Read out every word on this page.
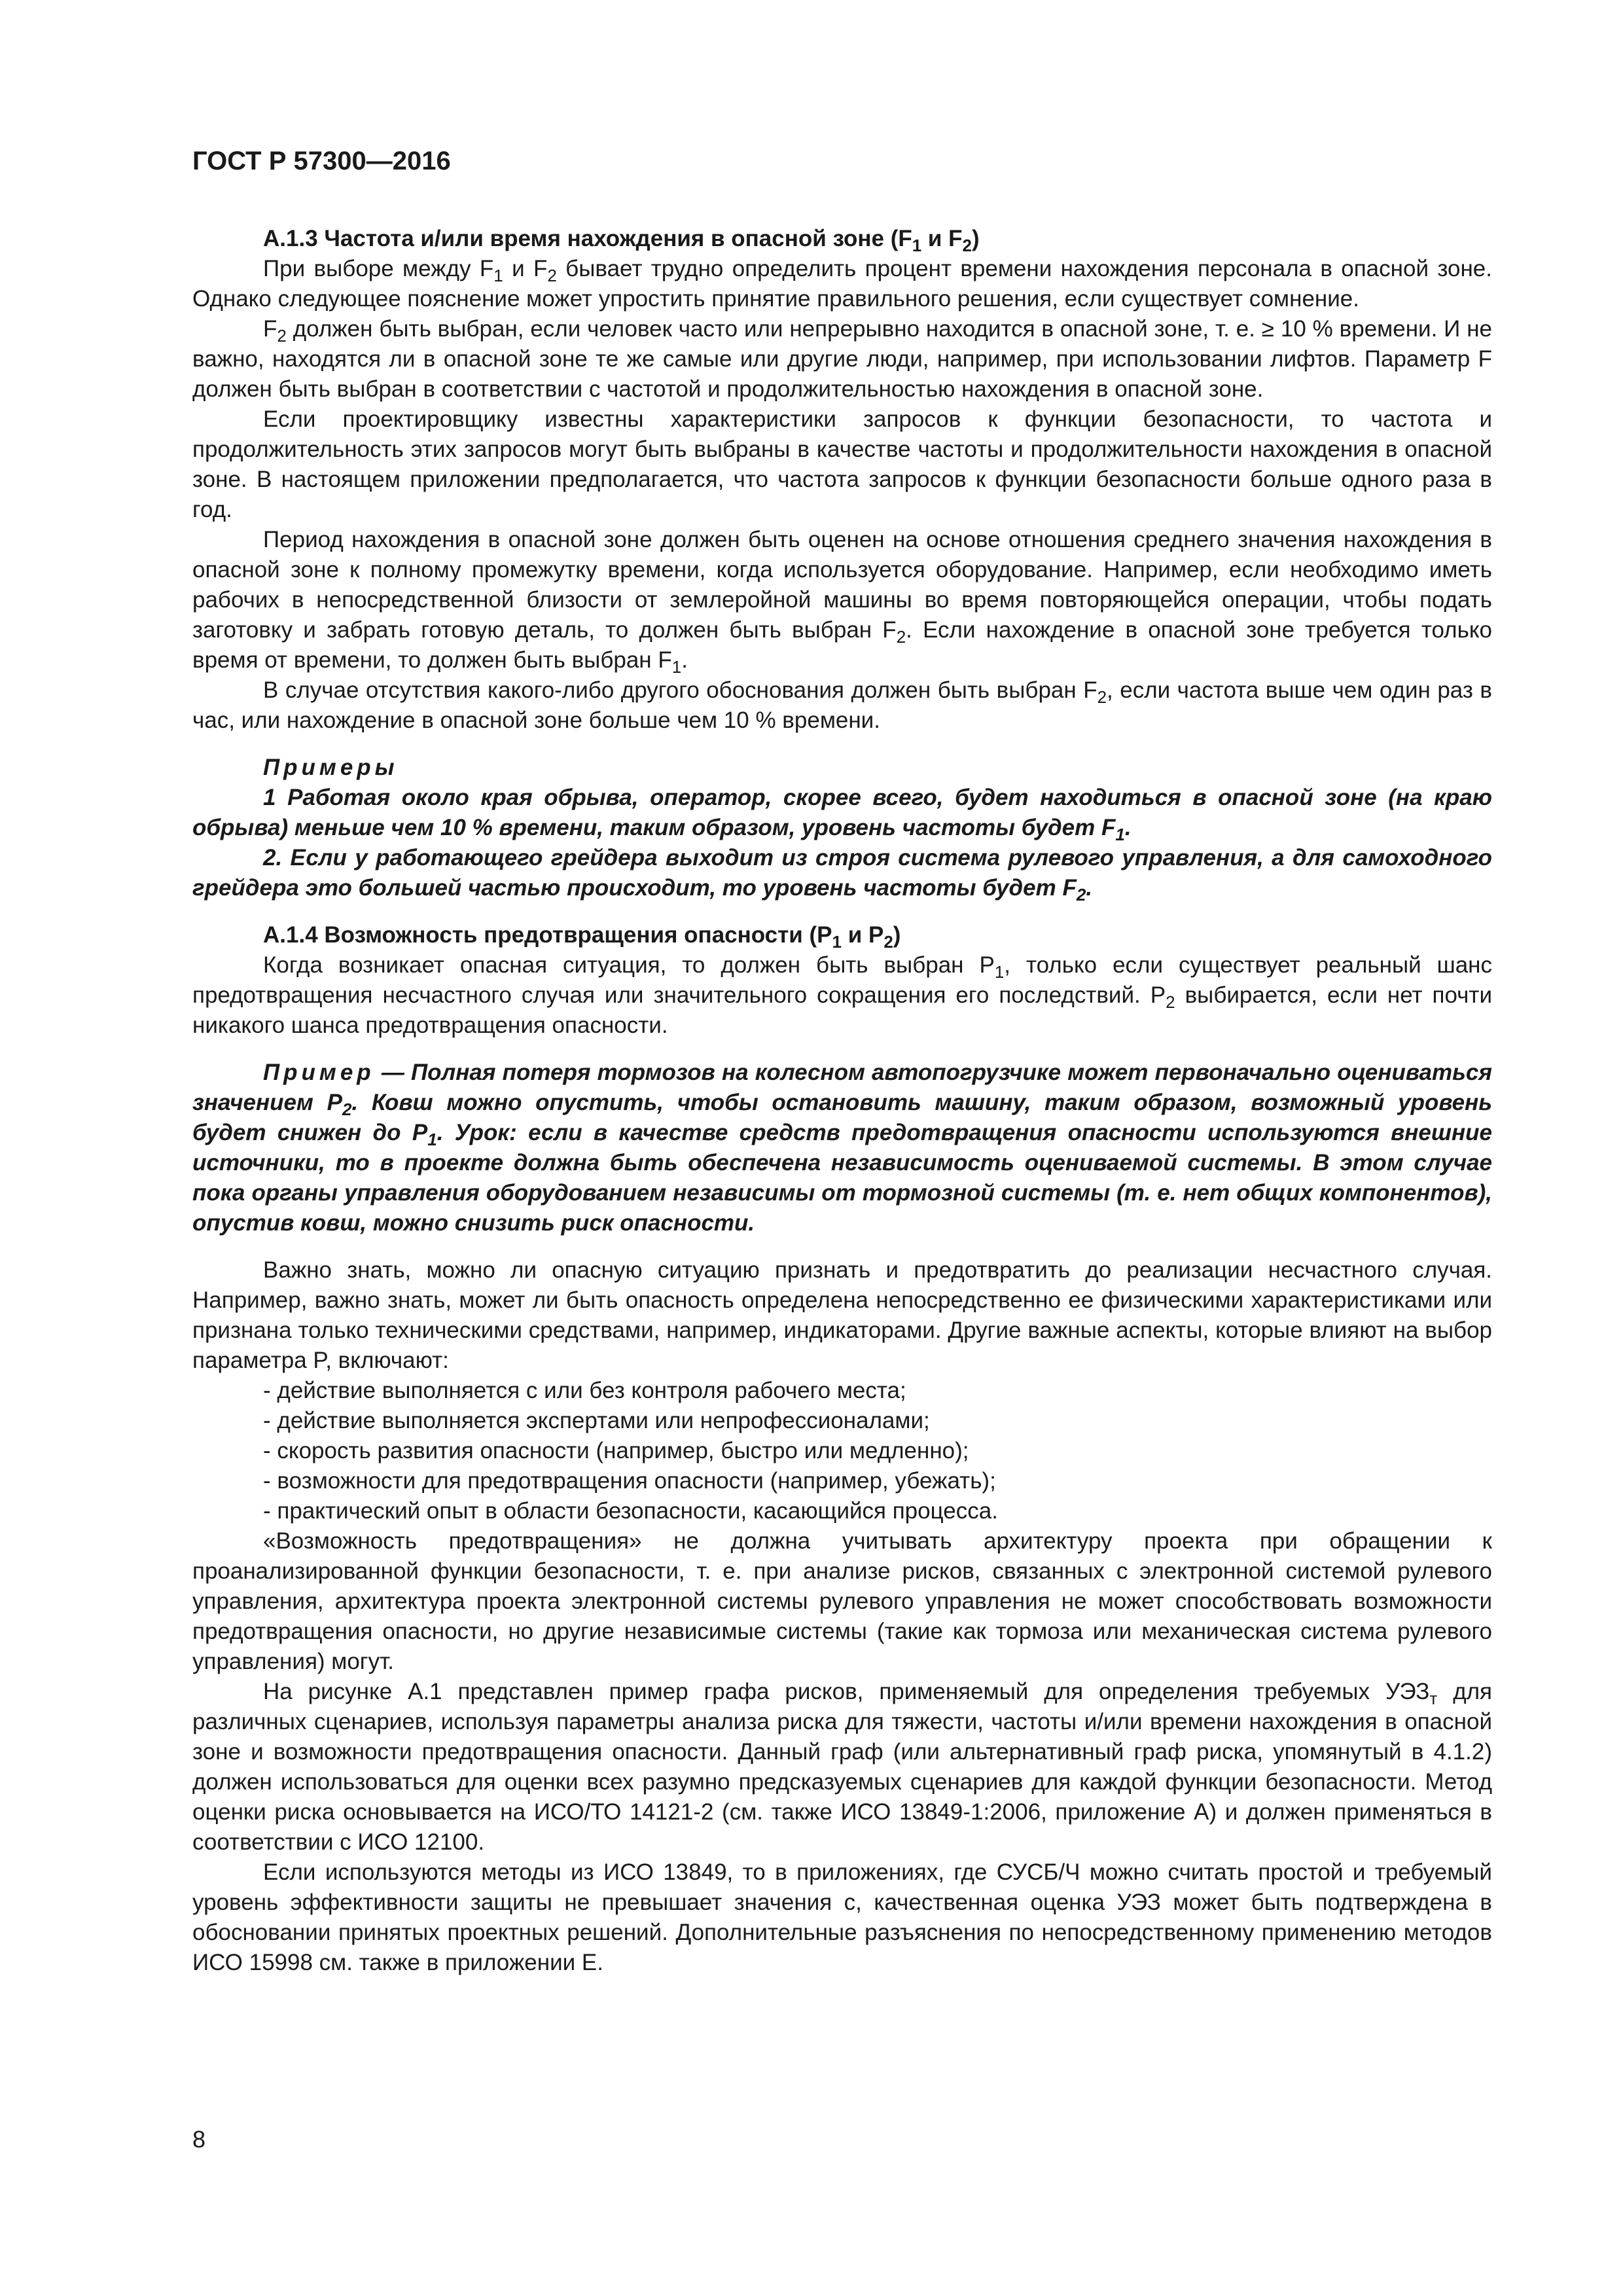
ГОСТ Р 57300—2016

А.1.3 Частота и/или время нахождения в опасной зоне ($F_1$ и $F_2$)

При выборе между $F_1$ и $F_2$ бывает трудно определить процент времени нахождения персонала в опасной зоне. Однако следующее пояснение может упростить принятие правильного решения, если существует сомнение.

$F_2$ должен быть выбран, если человек часто или непрерывно находится в опасной зоне, т. е. ≥ 10 % времени. И не важно, находятся ли в опасной зоне те же самые или другие люди, например, при использовании лифтов. Параметр F должен быть выбран в соответствии с частотой и продолжительностью нахождения в опасной зоне.

Если проектировщику известны характеристики запросов к функции безопасности, то частота и продолжительность этих запросов могут быть выбраны в качестве частоты и продолжительности нахождения в опасной зоне. В настоящем приложении предполагается, что частота запросов к функции безопасности больше одного раза в год.

Период нахождения в опасной зоне должен быть оценен на основе отношения среднего значения нахождения в опасной зоне к полному промежутку времени, когда используется оборудование. Например, если необходимо иметь рабочих в непосредственной близости от землеройной машины во время повторяющейся операции, чтобы подать заготовку и забрать готовую деталь, то должен быть выбран $F_2$. Если нахождение в опасной зоне требуется только время от времени, то должен быть выбран $F_1$.

В случае отсутствия какого-либо другого обоснования должен быть выбран $F_2$, если частота выше чем один раз в час, или нахождение в опасной зоне больше чем 10 % времени.

Примеры

1 Работая около края обрыва, оператор, скорее всего, будет находиться в опасной зоне (на краю обрыва) меньше чем 10 % времени, таким образом, уровень частоты будет $F_1$.

2. Если у работающего грейдера выходит из строя система рулевого управления, а для самоходного грейдера это большей частью происходит, то уровень частоты будет $F_2$.

А.1.4 Возможность предотвращения опасности ($P_1$ и $P_2$)

Когда возникает опасная ситуация, то должен быть выбран $P_1$, только если существует реальный шанс предотвращения несчастного случая или значительного сокращения его последствий. $P_2$ выбирается, если нет почти никакого шанса предотвращения опасности.

Пример — Полная потеря тормозов на колесном автопогрузчике может первоначально оцениваться значением $P_2$. Ковш можно опустить, чтобы остановить машину, таким образом, возможный уровень будет снижен до $P_1$. Урок: если в качестве средств предотвращения опасности используются внешние источники, то в проекте должна быть обеспечена независимость оцениваемой системы. В этом случае пока органы управления оборудованием независимы от тормозной системы (т. е. нет общих компонентов), опустив ковш, можно снизить риск опасности.

Важно знать, можно ли опасную ситуацию признать и предотвратить до реализации несчастного случая. Например, важно знать, может ли быть опасность определена непосредственно ее физическими характеристиками или признана только техническими средствами, например, индикаторами. Другие важные аспекты, которые влияют на выбор параметра P, включают:

- действие выполняется с или без контроля рабочего места;
- действие выполняется экспертами или непрофессионалами;
- скорость развития опасности (например, быстро или медленно);
- возможности для предотвращения опасности (например, убежать);
- практический опыт в области безопасности, касающийся процесса.

«Возможность предотвращения» не должна учитывать архитектуру проекта при обращении к проанализированной функции безопасности, т. е. при анализе рисков, связанных с электронной системой рулевого управления, архитектура проекта электронной системы рулевого управления не может способствовать возможности предотвращения опасности, но другие независимые системы (такие как тормоза или механическая система рулевого управления) могут.

На рисунке А.1 представлен пример графа рисков, применяемый для определения требуемых $УЭЗ_т$ для различных сценариев, используя параметры анализа риска для тяжести, частоты и/или времени нахождения в опасной зоне и возможности предотвращения опасности. Данный граф (или альтернативный граф риска, упомянутый в 4.1.2) должен использоваться для оценки всех разумно предсказуемых сценариев для каждой функции безопасности. Метод оценки риска основывается на ИСО/ТО 14121-2 (см. также ИСО 13849-1:2006, приложение А) и должен применяться в соответствии с ИСО 12100.

Если используются методы из ИСО 13849, то в приложениях, где СУСБ/Ч можно считать простой и требуемый уровень эффективности защиты не превышает значения c, качественная оценка УЭЗ может быть подтверждена в обосновании принятых проектных решений. Дополнительные разъяснения по непосредственному применению методов ИСО 15998 см. также в приложении Е.

8
